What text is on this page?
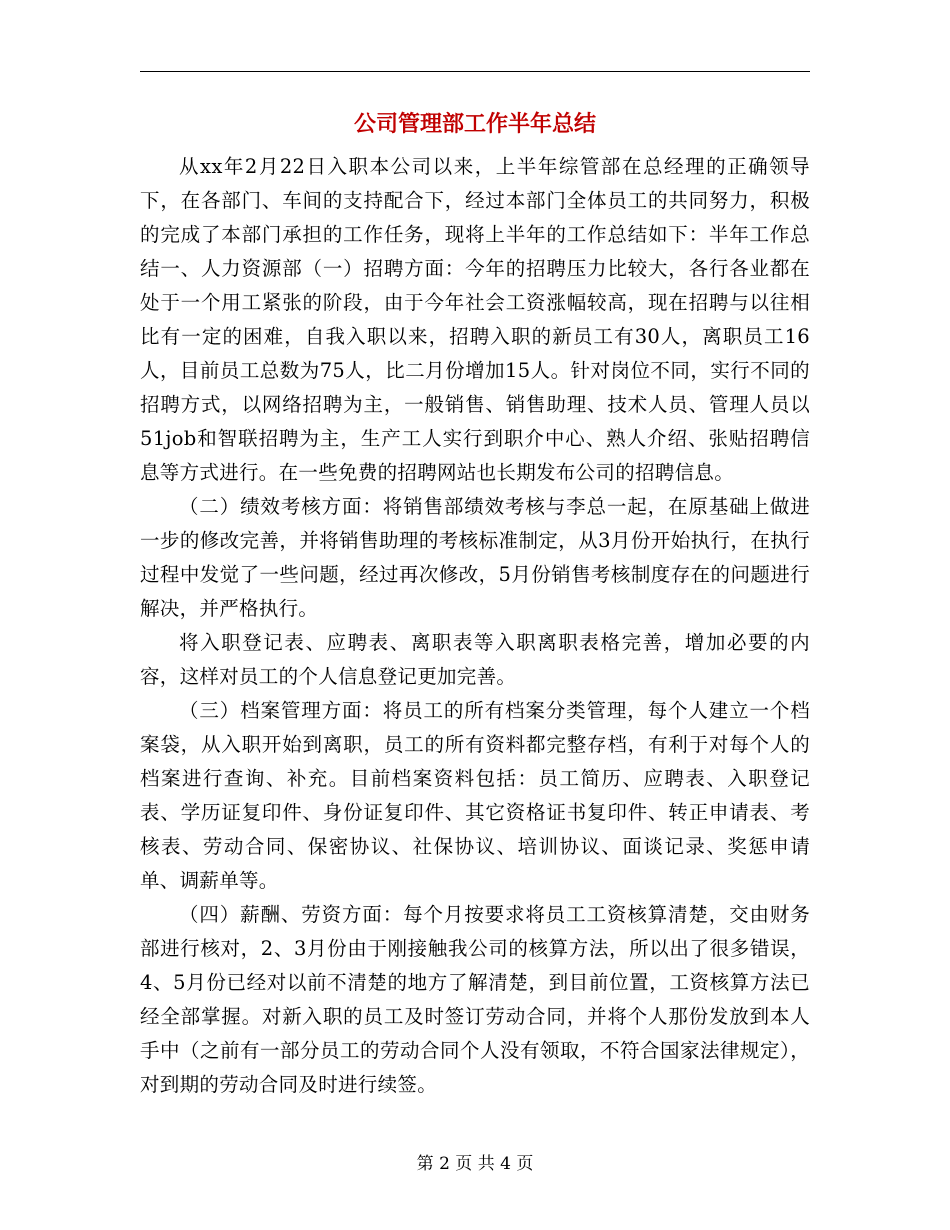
公司管理部工作半年总结

从xx年2月22日入职本公司以来，上半年综管部在总经理的正确领导下，在各部门、车间的支持配合下，经过本部门全体员工的共同努力，积极的完成了本部门承担的工作任务，现将上半年的工作总结如下：半年工作总结一、人力资源部（一）招聘方面：今年的招聘压力比较大，各行各业都在处于一个用工紧张的阶段，由于今年社会工资涨幅较高，现在招聘与以往相比有一定的困难，自我入职以来，招聘入职的新员工有30人，离职员工16人，目前员工总数为75人，比二月份增加15人。针对岗位不同，实行不同的招聘方式，以网络招聘为主，一般销售、销售助理、技术人员、管理人员以51job和智联招聘为主，生产工人实行到职介中心、熟人介绍、张贴招聘信息等方式进行。在一些免费的招聘网站也长期发布公司的招聘信息。

（二）绩效考核方面：将销售部绩效考核与李总一起，在原基础上做进一步的修改完善，并将销售助理的考核标准制定，从3月份开始执行，在执行过程中发觉了一些问题，经过再次修改，5月份销售考核制度存在的问题进行解决，并严格执行。

将入职登记表、应聘表、离职表等入职离职表格完善，增加必要的内容，这样对员工的个人信息登记更加完善。

（三）档案管理方面：将员工的所有档案分类管理，每个人建立一个档案袋，从入职开始到离职，员工的所有资料都完整存档，有利于对每个人的档案进行查询、补充。目前档案资料包括：员工简历、应聘表、入职登记表、学历证复印件、身份证复印件、其它资格证书复印件、转正申请表、考核表、劳动合同、保密协议、社保协议、培训协议、面谈记录、奖惩申请单、调薪单等。

（四）薪酬、劳资方面：每个月按要求将员工工资核算清楚，交由财务部进行核对，2、3月份由于刚接触我公司的核算方法，所以出了很多错误，4、5月份已经对以前不清楚的地方了解清楚，到目前位置，工资核算方法已经全部掌握。对新入职的员工及时签订劳动合同，并将个人那份发放到本人手中（之前有一部分员工的劳动合同个人没有领取，不符合国家法律规定），对到期的劳动合同及时进行续签。

第 2 页 共 4 页
